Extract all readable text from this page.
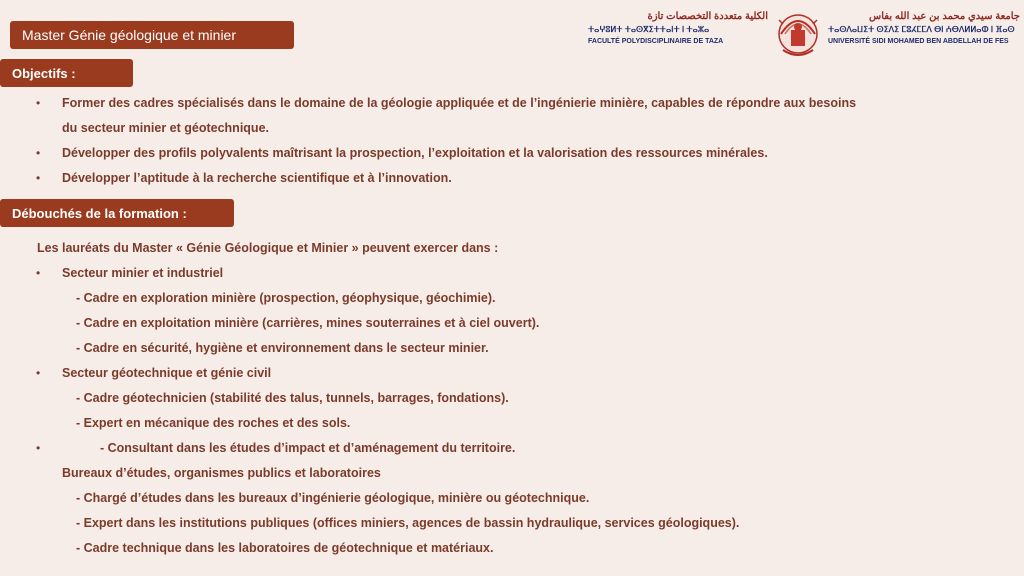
Master Génie géologique et minier
الكلية متعددة التخصصات تازة
ⵜⴰⵖⵓⵍⵜ ⵜⴰⵙⴳⵉⵜⵜⴰⵏⵜ ⵏ ⵜⴰⵣⴰ
FACULTÉ POLYDISCIPLINAIRE DE TAZA
جامعة سيدي محمد بن عبد الله بفاس
ⵜⴰⵙⴷⴰⵡⵉⵜ ⵙⵉⴷⵉ ⵎⵓⵃⵎⵎⴷ ⴱⵏ ⵄⴱⴷⵍⵍⴰⵀ ⵏ ⴼⴰⵙ
UNIVERSITÉ SIDI MOHAMED BEN ABDELLAH DE FES
Objectifs :
• Former des cadres spécialisés dans le domaine de la géologie appliquée et de l’ingénierie minière, capables de répondre aux besoins
du secteur minier et géotechnique.
• Développer des profils polyvalents maîtrisant la prospection, l’exploitation et la valorisation des ressources minérales.
• Développer l’aptitude à la recherche scientifique et à l’innovation.
Débouchés de la formation :
Les lauréats du Master « Génie Géologique et Minier » peuvent exercer dans :
• Secteur minier et industriel
- Cadre en exploration minière (prospection, géophysique, géochimie).
- Cadre en exploitation minière (carrières, mines souterraines et à ciel ouvert).
- Cadre en sécurité, hygiène et environnement dans le secteur minier.
• Secteur géotechnique et génie civil
- Cadre géotechnicien (stabilité des talus, tunnels, barrages, fondations).
- Expert en mécanique des roches et des sols.
•	- Consultant dans les études d’impact et d’aménagement du territoire.
Bureaux d’études, organismes publics et laboratoires
- Chargé d’études dans les bureaux d’ingénierie géologique, minière ou géotechnique.
- Expert dans les institutions publiques (offices miniers, agences de bassin hydraulique, services géologiques).
- Cadre technique dans les laboratoires de géotechnique et matériaux.
